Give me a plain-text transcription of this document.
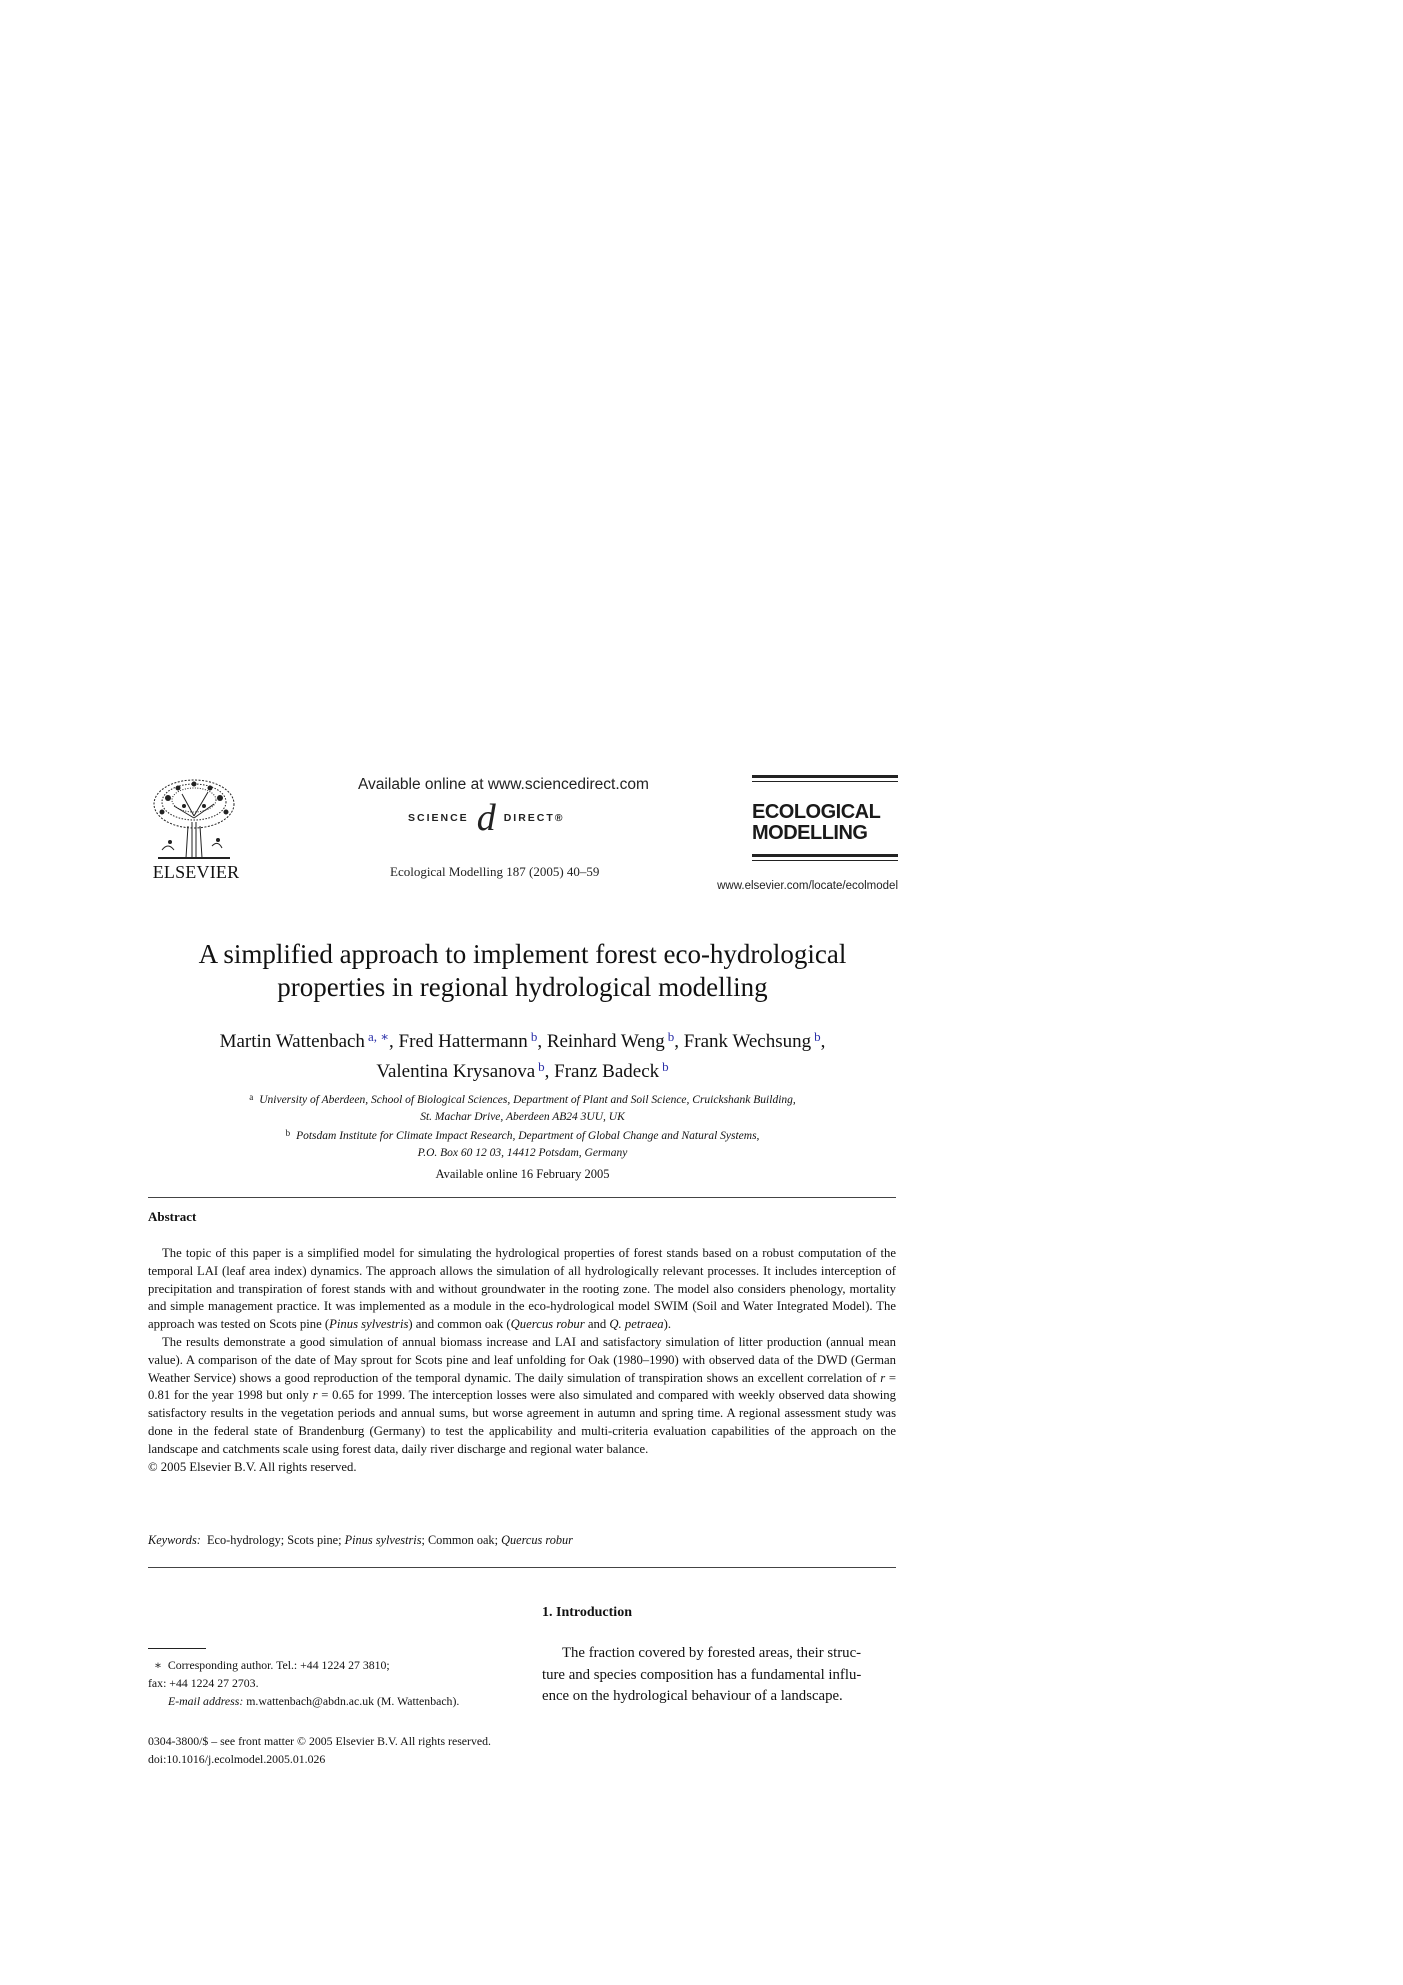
ELSEVIER
Available online at www.sciencedirect.com
SCIENCE d DIRECT®
Ecological Modelling 187 (2005) 40–59
ECOLOGICAL
MODELLING
www.elsevier.com/locate/ecolmodel
A simplified approach to implement forest eco-hydrological
properties in regional hydrological modelling
Martin Wattenbach $^{a, ∗}$, Fred Hattermann $^b$, Reinhard Weng $^b$, Frank Wechsung $^b$,
Valentina Krysanova $^b$, Franz Badeck $^b$
$^a$ University of Aberdeen, School of Biological Sciences, Department of Plant and Soil Science, Cruickshank Building,
St. Machar Drive, Aberdeen AB24 3UU, UK
$^b$ Potsdam Institute for Climate Impact Research, Department of Global Change and Natural Systems,
P.O. Box 60 12 03, 14412 Potsdam, Germany
Available online 16 February 2005
Abstract

The topic of this paper is a simplified model for simulating the hydrological properties of forest stands based on a robust computation of the temporal LAI (leaf area index) dynamics. The approach allows the simulation of all hydrologically relevant processes. It includes interception of precipitation and transpiration of forest stands with and without groundwater in the rooting zone. The model also considers phenology, mortality and simple management practice. It was implemented as a module in the eco-hydrological model SWIM (Soil and Water Integrated Model). The approach was tested on Scots pine (Pinus sylvestris) and common oak (Quercus robur and Q. petraea).

The results demonstrate a good simulation of annual biomass increase and LAI and satisfactory simulation of litter production (annual mean value). A comparison of the date of May sprout for Scots pine and leaf unfolding for Oak (1980–1990) with observed data of the DWD (German Weather Service) shows a good reproduction of the temporal dynamic. The daily simulation of transpiration shows an excellent correlation of r = 0.81 for the year 1998 but only r = 0.65 for 1999. The interception losses were also simulated and compared with weekly observed data showing satisfactory results in the vegetation periods and annual sums, but worse agreement in autumn and spring time. A regional assessment study was done in the federal state of Brandenburg (Germany) to test the applicability and multi-criteria evaluation capabilities of the approach on the landscape and catchments scale using forest data, daily river discharge and regional water balance.

© 2005 Elsevier B.V. All rights reserved.

Keywords: Eco-hydrology; Scots pine; Pinus sylvestris; Common oak; Quercus robur
∗ Corresponding author. Tel.: +44 1224 27 3810;
fax: +44 1224 27 2703.
E-mail address: m.wattenbach@abdn.ac.uk (M. Wattenbach).
0304-3800/$ – see front matter © 2005 Elsevier B.V. All rights reserved.
doi:10.1016/j.ecolmodel.2005.01.026
1. Introduction
The fraction covered by forested areas, their struc-
ture and species composition has a fundamental influ-
ence on the hydrological behaviour of a landscape.
